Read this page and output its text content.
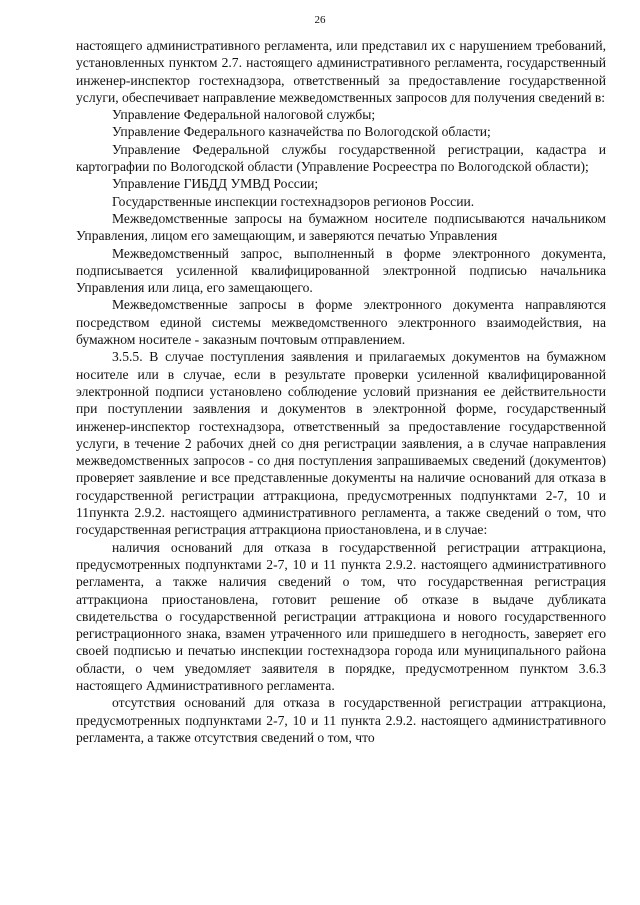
26

настоящего административного регламента, или представил их с нарушением требований, установленных пунктом 2.7. настоящего административного регламента, государственный инженер-инспектор гостехнадзора, ответственный за предоставление государственной услуги, обеспечивает направление межведомственных запросов для получения сведений в:

Управление Федеральной налоговой службы;

Управление Федерального казначейства по Вологодской области;

Управление Федеральной службы государственной регистрации, кадастра и картографии по Вологодской области (Управление Росреестра по Вологодской области);

Управление ГИБДД УМВД России;

Государственные инспекции гостехнадзоров регионов России.

Межведомственные запросы на бумажном носителе подписываются начальником Управления, лицом его замещающим, и заверяются печатью Управления

Межведомственный запрос, выполненный в форме электронного документа, подписывается усиленной квалифицированной электронной подписью начальника Управления или лица, его замещающего.

Межведомственные запросы в форме электронного документа направляются посредством единой системы межведомственного электронного взаимодействия, на бумажном носителе - заказным почтовым отправлением.

3.5.5. В случае поступления заявления и прилагаемых документов на бумажном носителе или в случае, если в результате проверки усиленной квалифицированной электронной подписи установлено соблюдение условий признания ее действительности при поступлении заявления и документов в электронной форме, государственный инженер-инспектор гостехнадзора, ответственный за предоставление государственной услуги, в течение 2 рабочих дней со дня регистрации заявления, а в случае направления межведомственных запросов - со дня поступления запрашиваемых сведений (документов) проверяет заявление и все представленные документы на наличие оснований для отказа в государственной регистрации аттракциона, предусмотренных подпунктами 2-7, 10 и 11пункта 2.9.2. настоящего административного регламента, а также сведений о том, что государственная регистрация аттракциона приостановлена, и в случае:

наличия оснований для отказа в государственной регистрации аттракциона, предусмотренных подпунктами 2-7, 10 и 11 пункта 2.9.2. настоящего административного регламента, а также наличия сведений о том, что государственная регистрация аттракциона приостановлена, готовит решение об отказе в выдаче дубликата свидетельства о государственной регистрации аттракциона и нового государственного регистрационного знака, взамен утраченного или пришедшего в негодность, заверяет его своей подписью и печатью инспекции гостехнадзора города или муниципального района области, о чем уведомляет заявителя в порядке, предусмотренном пунктом 3.6.3 настоящего Административного регламента.

отсутствия оснований для отказа в государственной регистрации аттракциона, предусмотренных подпунктами 2-7, 10 и 11 пункта 2.9.2. настоящего административного регламента, а также отсутствия сведений о том, что
